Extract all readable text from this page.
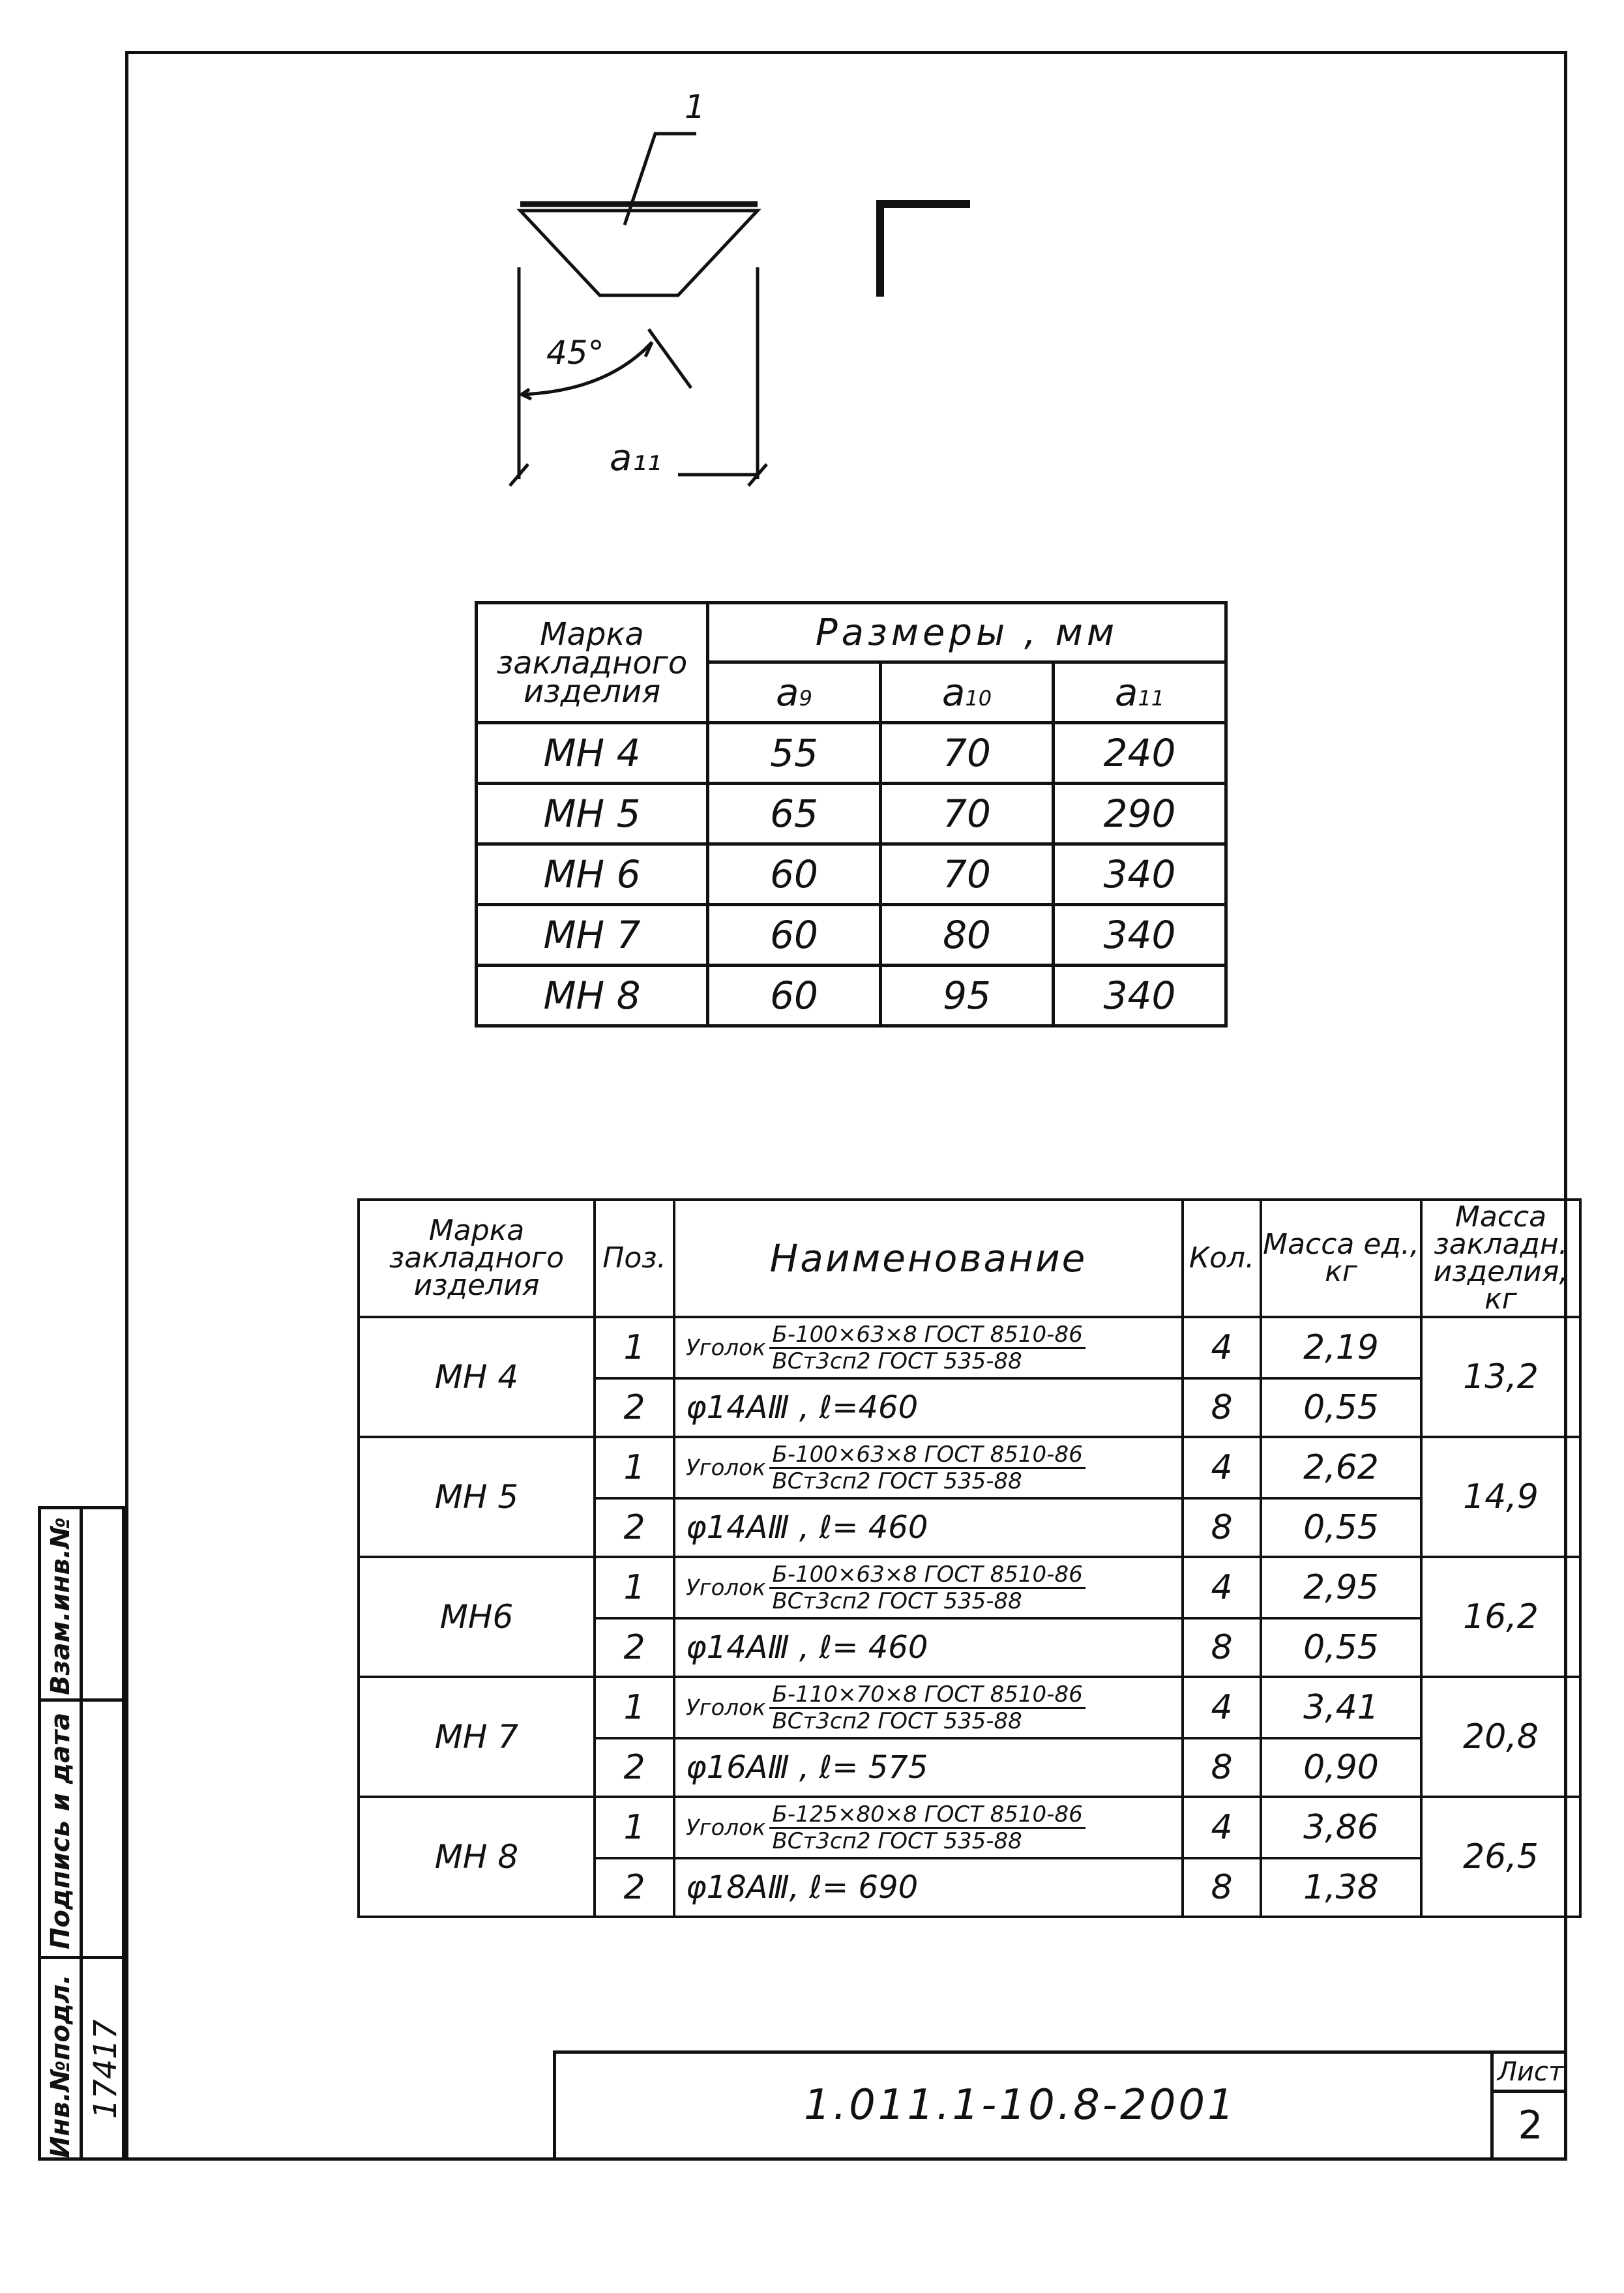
1
45°
a₁₁
Марка закладного изделия	Размеры , мм		
	a9	a10	a11
МН 4	55	70	240
МН 5	65	70	290
МН 6	60	70	340
МН 7	60	80	340
МН 8	60	95	340
Марка закладного изделия	Поз.	Наименование	Кол.	Масса ед., кг	Масса закладн. изделия, кг
МН 4	1	Уголок $\frac{\text{Б-100×63×8 ГОСТ 8510-86}}{\text{ВСт3сп2 ГОСТ 535-88}}$	4	2,19	13,2
	2	φ14АⅢ , ℓ=460	8	0,55	
МН 5	1	Уголок $\frac{\text{Б-100×63×8 ГОСТ 8510-86}}{\text{ВСт3сп2 ГОСТ 535-88}}$	4	2,62	14,9
	2	φ14АⅢ , ℓ= 460	8	0,55	
МН6	1	Уголок $\frac{\text{Б-100×63×8 ГОСТ 8510-86}}{\text{ВСт3сп2 ГОСТ 535-88}}$	4	2,95	16,2
	2	φ14АⅢ , ℓ= 460	8	0,55	
МН 7	1	Уголок $\frac{\text{Б-110×70×8 ГОСТ 8510-86}}{\text{ВСт3сп2 ГОСТ 535-88}}$	4	3,41	20,8
	2	φ16АⅢ , ℓ= 575	8	0,90	
МН 8	1	Уголок $\frac{\text{Б-125×80×8 ГОСТ 8510-86}}{\text{ВСт3сп2 ГОСТ 535-88}}$	4	3,86	26,5
	2	φ18АⅢ, ℓ= 690	8	1,38	
Взам.инв.№
Подпись и дата
Инв.№подл. 17417	1.011.1-10.8-2001
Лист
2
